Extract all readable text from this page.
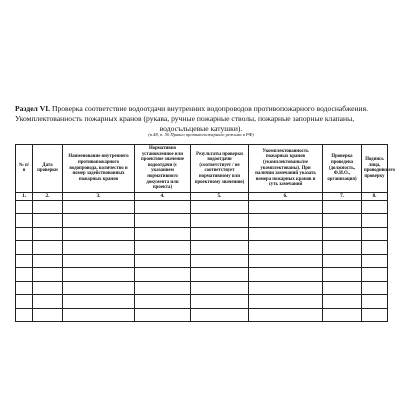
Раздел VI. Проверка соответствие водоотдачи внутренних водопроводов противопожарного водоснабжения.
Укомплектованность пожарных кранов (рукава, ручные пожарные стволы, пожарные запорные клапаны,

водосъльцевые катушки).
(п.48, п. 50 Правил противопожарного режима в РФ)
№ п/п	Дата проверки	Наименование внутреннего противопожарного водопровода, количество и номер задействованных пожарных кранов	Нормативно установленное или проектное значение водоотдачи (с указанием нормативного документа или проекта)	Результаты проверки водоотдачи (соответствует / не соответствует нормативному или проектному значению)	Укомплектованность пожарных кранов (укомплектованы/не укомплектованы). При наличии замечаний указать номера пожарных кранов и суть замечаний	Проверка проведена (должность, Ф.И.О., организация)	Подпись лица, проводившего проверку
1.	2.	3.	4.	5.	6.	7.	8.
